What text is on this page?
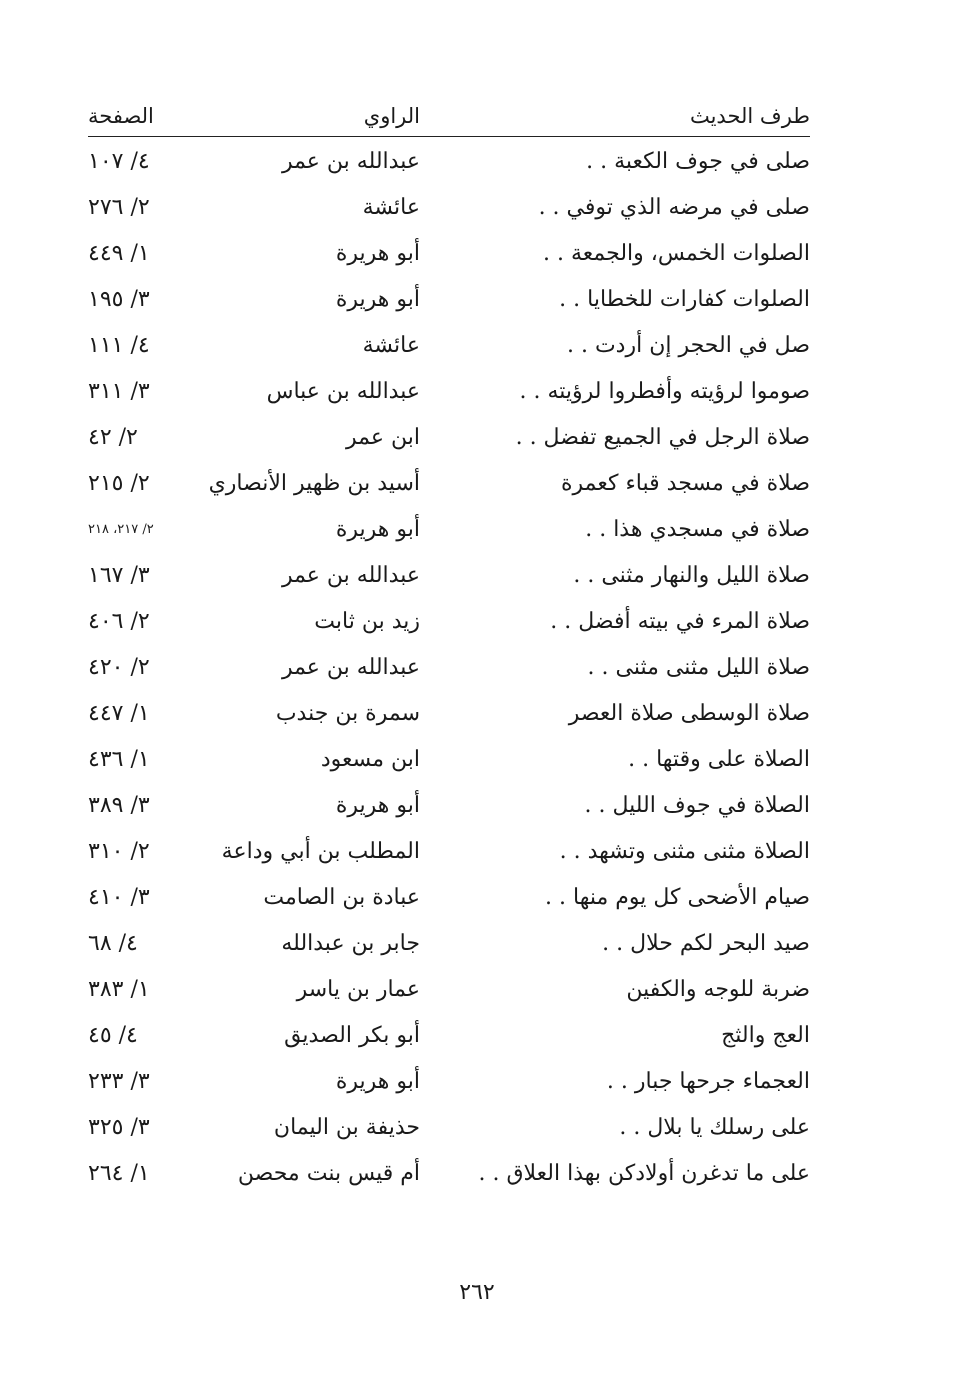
طرف الحديث
الراوي
الصفحة
صلى في جوف الكعبة . .
عبدالله بن عمر
٤/ ١٠٧
صلى في مرضه الذي توفي . .
عائشة
٢/ ٢٧٦
الصلوات الخمس، والجمعة . .
أبو هريرة
١/ ٤٤٩
الصلوات كفارات للخطايا . .
أبو هريرة
٣/ ١٩٥
صل في الحجر إن أردت . .
عائشة
٤/ ١١١
صوموا لرؤيته وأفطروا لرؤيته . .
عبدالله بن عباس
٣/ ٣١١
صلاة الرجل في الجميع تفضل . .
ابن عمر
٢/ ٤٢
صلاة في مسجد قباء كعمرة
أسيد بن ظهير الأنصاري
٢/ ٢١٥
صلاة في مسجدي هذا . .
أبو هريرة
٢/ ٢١٧، ٢١٨
صلاة الليل والنهار مثنى . .
عبدالله بن عمر
٣/ ١٦٧
صلاة المرء في بيته أفضل . .
زيد بن ثابت
٢/ ٤٠٦
صلاة الليل مثنى مثنى . .
عبدالله بن عمر
٢/ ٤٢٠
صلاة الوسطى صلاة العصر
سمرة بن جندب
١/ ٤٤٧
الصلاة على وقتها . .
ابن مسعود
١/ ٤٣٦
الصلاة في جوف الليل . .
أبو هريرة
٣/ ٣٨٩
الصلاة مثنى مثنى وتشهد . .
المطلب بن أبي وداعة
٢/ ٣١٠
صيام الأضحى كل يوم منها . .
عبادة بن الصامت
٣/ ٤١٠
صيد البحر لكم حلال . .
جابر بن عبدالله
٤/ ٦٨
ضربة للوجه والكفين
عمار بن ياسر
١/ ٣٨٣
العج والثج
أبو بكر الصديق
٤/ ٤٥
العجماء جرحها جبار . .
أبو هريرة
٣/ ٢٣٣
على رسلك يا بلال . .
حذيفة بن اليمان
٣/ ٣٢٥
على ما تدغرن أولادكن بهذا العلاق . .
أم قيس بنت محصن
١/ ٢٦٤
٢٦٢
